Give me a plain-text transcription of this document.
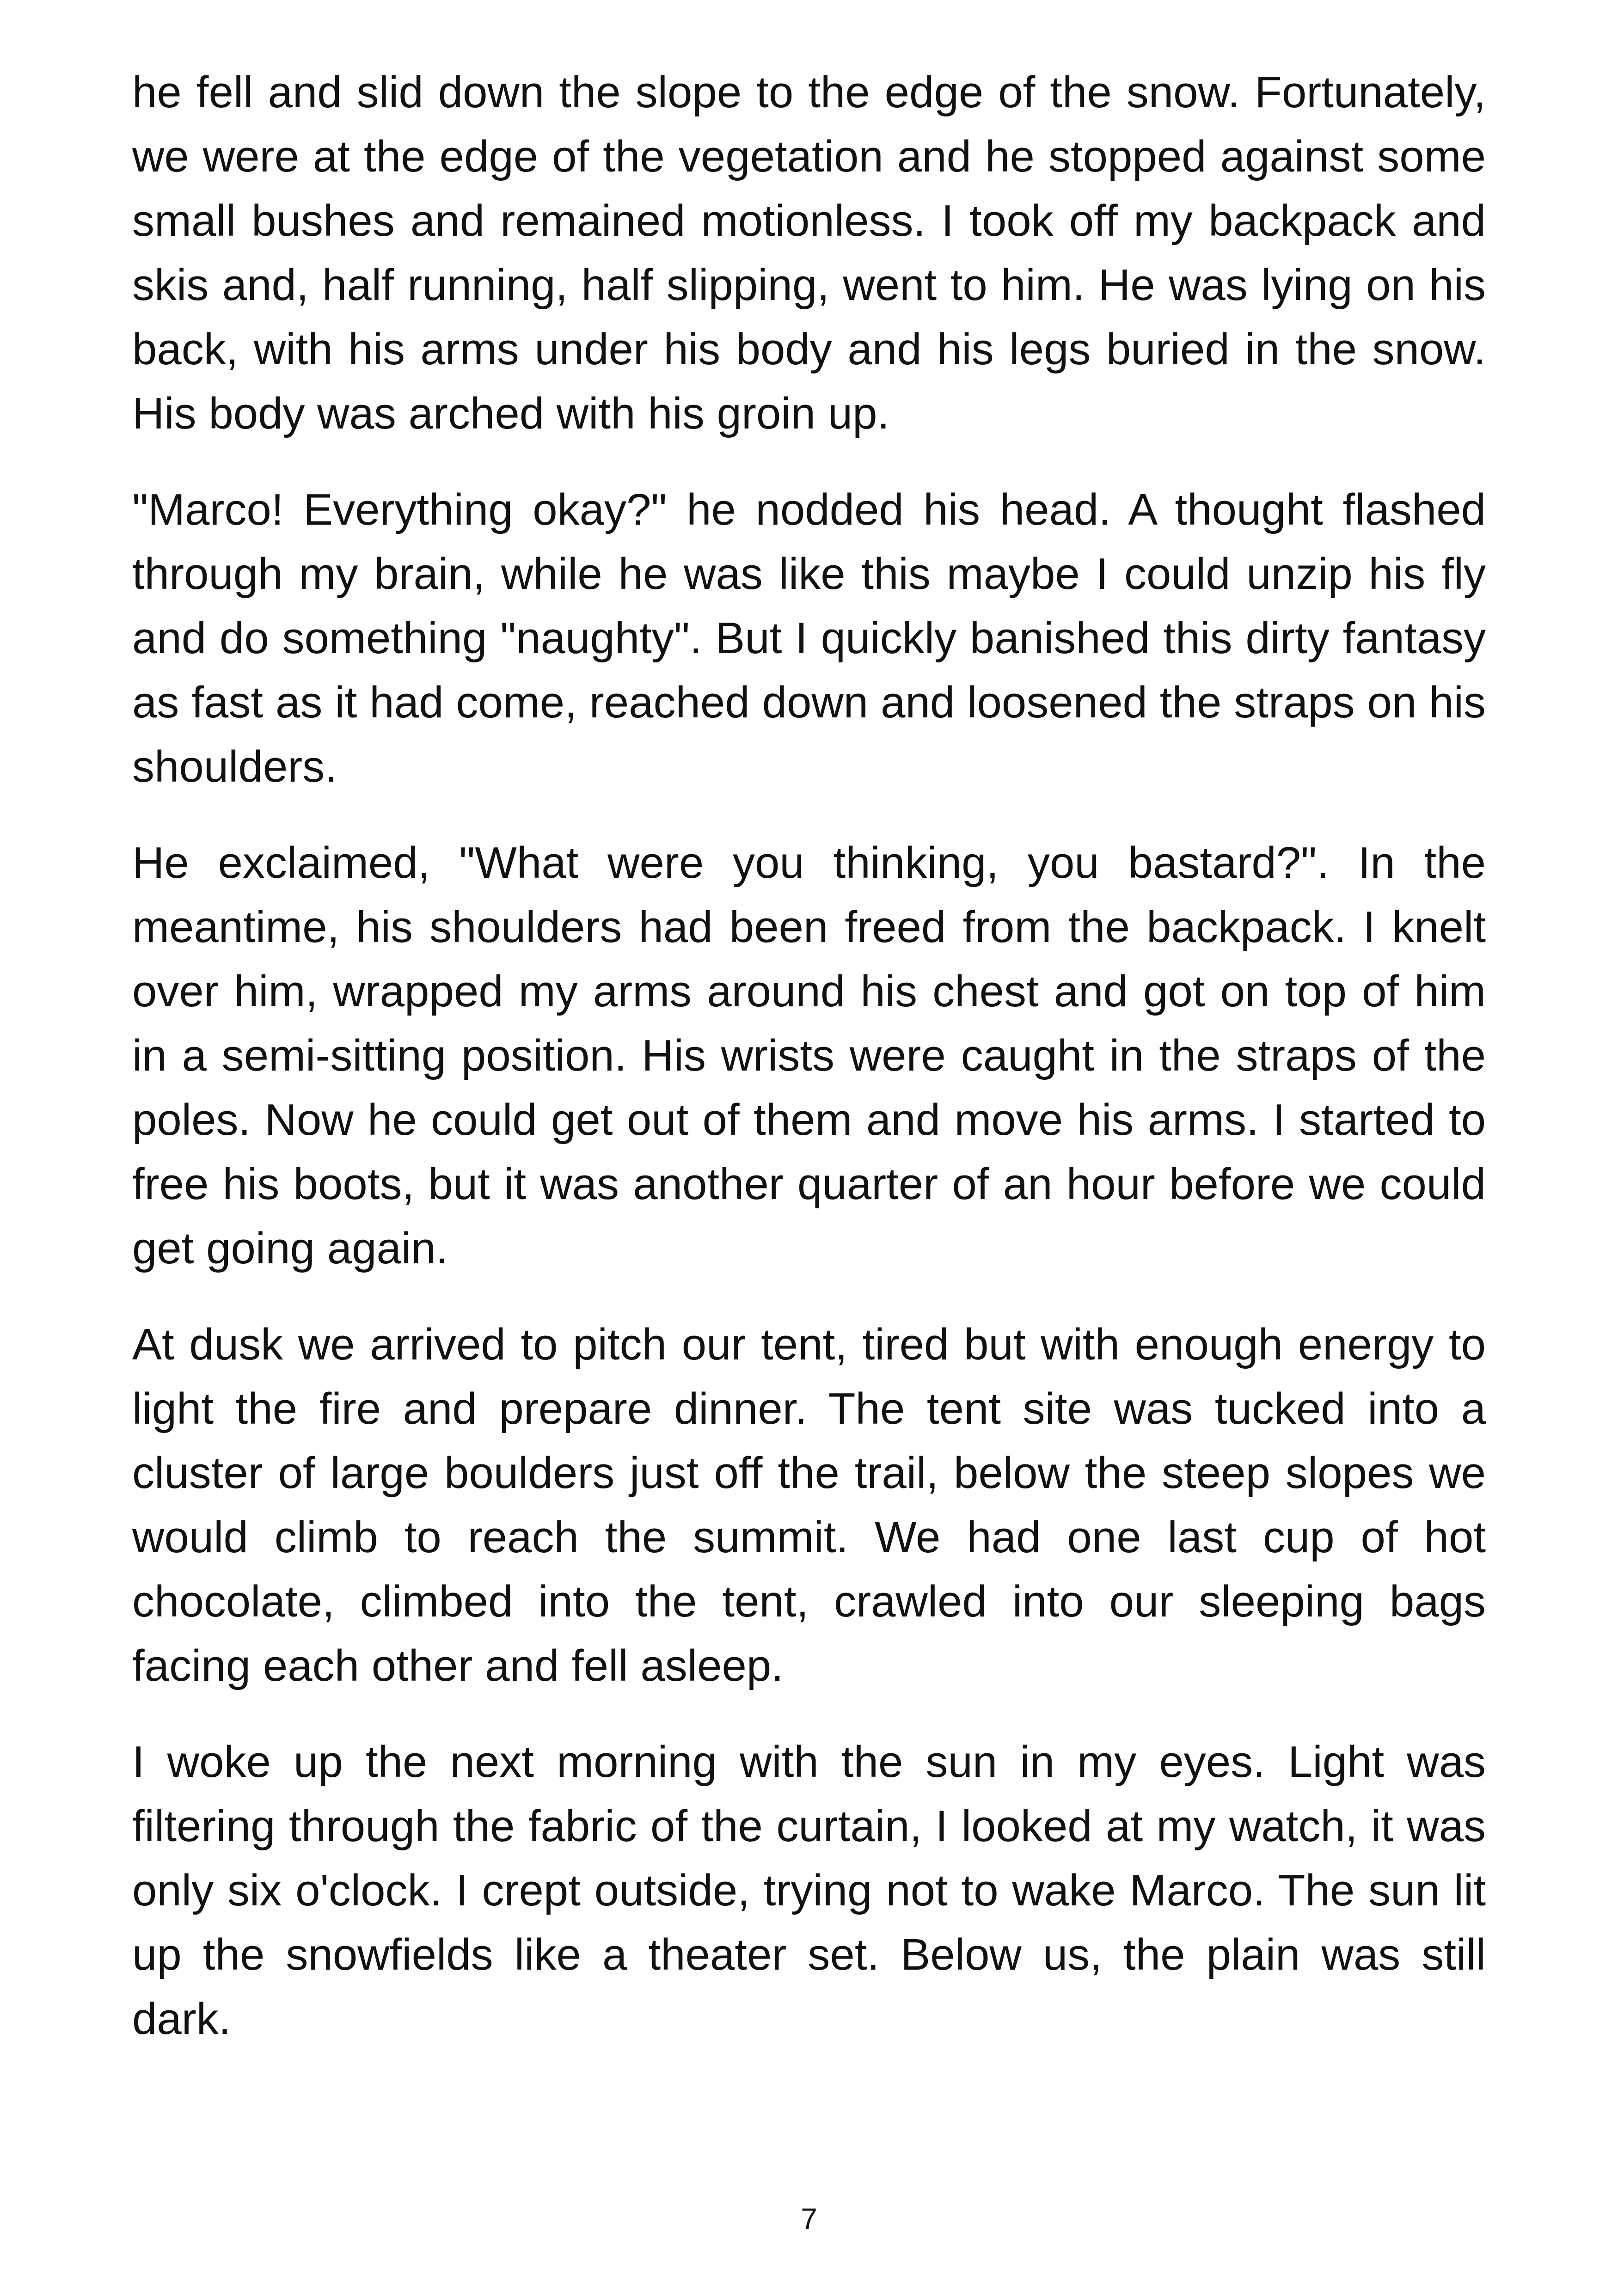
he fell and slid down the slope to the edge of the snow. Fortunately, we were at the edge of the vegetation and he stopped against some small bushes and remained motionless. I took off my backpack and skis and, half running, half slipping, went to him. He was lying on his back, with his arms under his body and his legs buried in the snow. His body was arched with his groin up.

"Marco! Everything okay?" he nodded his head. A thought flashed through my brain, while he was like this maybe I could unzip his fly and do something "naughty". But I quickly banished this dirty fantasy as fast as it had come, reached down and loosened the straps on his shoulders.

He exclaimed, "What were you thinking, you bastard?". In the meantime, his shoulders had been freed from the backpack. I knelt over him, wrapped my arms around his chest and got on top of him in a semi-sitting position. His wrists were caught in the straps of the poles. Now he could get out of them and move his arms. I started to free his boots, but it was another quarter of an hour before we could get going again.

At dusk we arrived to pitch our tent, tired but with enough energy to light the fire and prepare dinner. The tent site was tucked into a cluster of large boulders just off the trail, below the steep slopes we would climb to reach the summit. We had one last cup of hot chocolate, climbed into the tent, crawled into our sleeping bags facing each other and fell asleep.

I woke up the next morning with the sun in my eyes. Light was filtering through the fabric of the curtain, I looked at my watch, it was only six o'clock. I crept outside, trying not to wake Marco. The sun lit up the snowfields like a theater set. Below us, the plain was still dark.

7
